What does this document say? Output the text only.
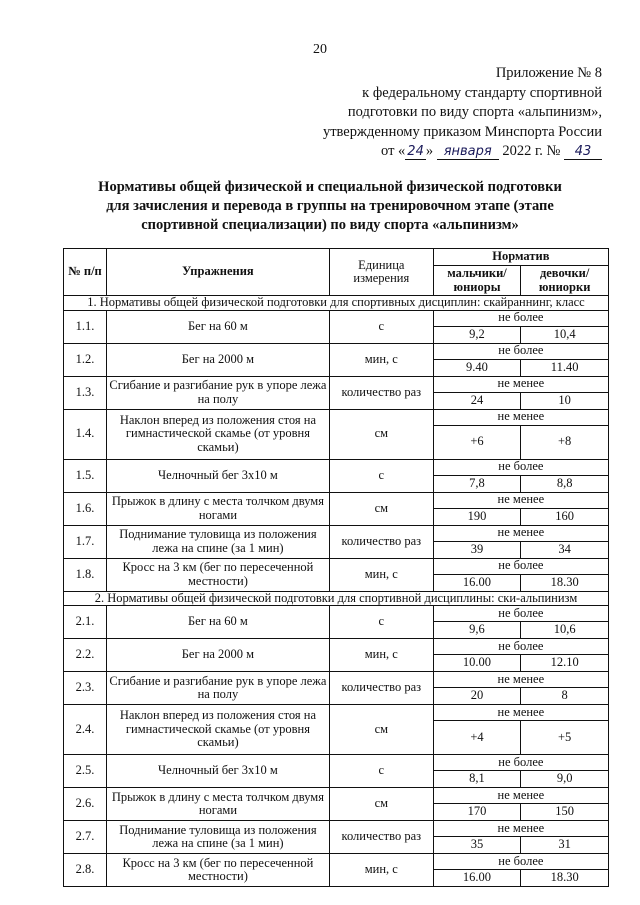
20
Приложение № 8
к федеральному стандарту спортивной
подготовки по виду спорта «альпинизм»,
утвержденному приказом Минспорта России
от « 24 » января 2022 г. № 43
Нормативы общей физической и специальной физической подготовки
для зачисления и перевода в группы на тренировочном этапе (этапе
спортивной специализации) по виду спорта «альпинизм»
№ п/п	Упражнения	Единица измерения	Норматив	
			мальчики/ юниоры	девочки/ юниорки
1. Нормативы общей физической подготовки для спортивных дисциплин: скайраннинг, класс				
1.1.	Бег на 60 м	с	не более	
			9,2	10,4
1.2.	Бег на 2000 м	мин, с	не более	
			9.40	11.40
1.3.	Сгибание и разгибание рук в упоре лежа на полу	количество раз	не менее	
			24	10
1.4.	Наклон вперед из положения стоя на гимнастической скамье (от уровня скамьи)	см	не менее	
			+6	+8
1.5.	Челночный бег 3x10 м	с	не более	
			7,8	8,8
1.6.	Прыжок в длину с места толчком двумя ногами	см	не менее	
			190	160
1.7.	Поднимание туловища из положения лежа на спине (за 1 мин)	количество раз	не менее	
			39	34
1.8.	Кросс на 3 км (бег по пересеченной местности)	мин, с	не более	
			16.00	18.30
2. Нормативы общей физической подготовки для спортивной дисциплины: ски-альпинизм				
2.1.	Бег на 60 м	с	не более	
			9,6	10,6
2.2.	Бег на 2000 м	мин, с	не более	
			10.00	12.10
2.3.	Сгибание и разгибание рук в упоре лежа на полу	количество раз	не менее	
			20	8
2.4.	Наклон вперед из положения стоя на гимнастической скамье (от уровня скамьи)	см	не менее	
			+4	+5
2.5.	Челночный бег 3x10 м	с	не более	
			8,1	9,0
2.6.	Прыжок в длину с места толчком двумя ногами	см	не менее	
			170	150
2.7.	Поднимание туловища из положения лежа на спине (за 1 мин)	количество раз	не менее	
			35	31
2.8.	Кросс на 3 км (бег по пересеченной местности)	мин, с	не более	
			16.00	18.30
